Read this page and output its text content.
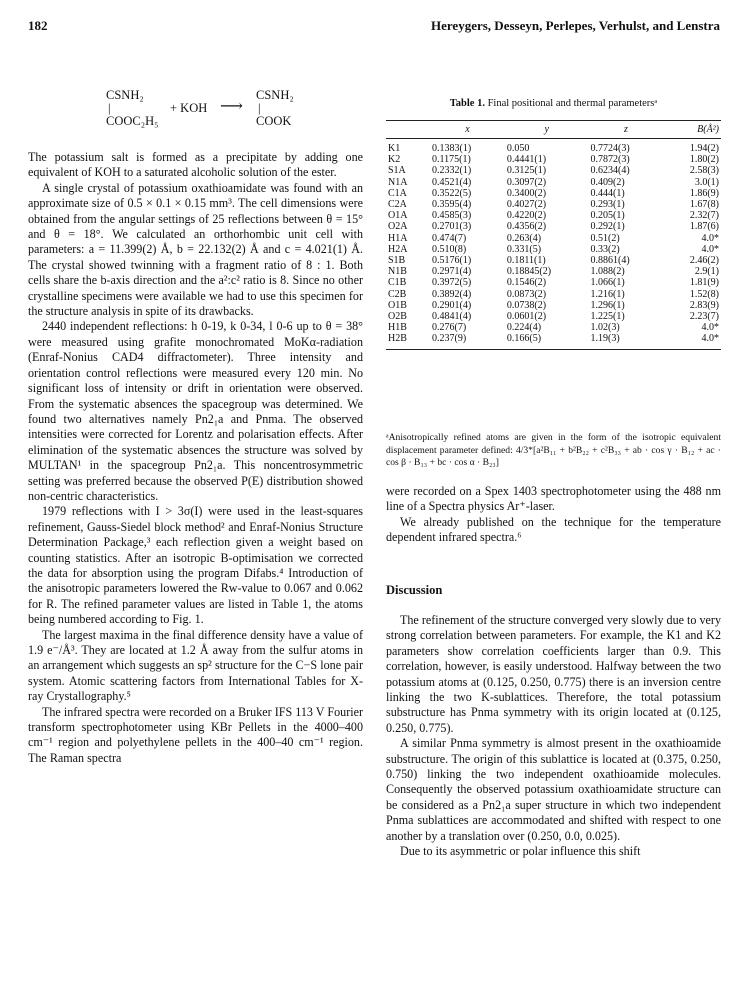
182	Hereygers, Desseyn, Perlepes, Verhulst, and Lenstra
CSNH₂
|
COOC₂H₅
+ KOH ⟶
CSNH₂
|
COOK

The potassium salt is formed as a precipitate by adding one equivalent of KOH to a saturated alcoholic solution of the ester.

A single crystal of potassium oxathioamidate was found with an approximate size of 0.5 × 0.1 × 0.15 mm³. The cell dimensions were obtained from the angular settings of 25 reflections between θ = 15° and θ = 18°. We calculated an orthorhombic unit cell with parameters: a = 11.399(2) Å, b = 22.132(2) Å and c = 4.021(1) Å. The crystal showed twinning with a fragment ratio of 8 : 1. Both cells share the b-axis direction and the a²:c² ratio is 8. Since no other crystalline specimens were available we had to use this specimen for the structure analysis in spite of its drawbacks.

2440 independent reflections: h 0-19, k 0-34, l 0-6 up to θ = 38° were measured using grafite monochromated MoKα-radiation (Enraf-Nonius CAD4 diffractometer). Three intensity and orientation control reflections were measured every 120 min. No significant loss of intensity or drift in orientation were observed. From the systematic absences the spacegroup was determined. We found two alternatives namely Pn2₁a and Pnma. The observed intensities were corrected for Lorentz and polarisation effects. After elimination of the systematic absences the structure was solved by MULTAN¹ in the spacegroup Pn2₁a. This noncentrosymmetric setting was preferred because the observed P(E) distribution showed non-centric characteristics.

1979 reflections with I > 3σ(I) were used in the least-squares refinement, Gauss-Siedel block method² and Enraf-Nonius Structure Determination Package,³ each reflection given a weight based on counting statistics. After an isotropic B-optimisation we corrected the data for absorption using the program Difabs.⁴ Introduction of the anisotropic parameters lowered the Rw-value to 0.067 and 0.062 for R. The refined parameter values are listed in Table 1, the atoms being numbered according to Fig. 1.

The largest maxima in the final difference density have a value of 1.9 e⁻/Å³. They are located at 1.2 Å away from the sulfur atoms in an arrangement which suggests an sp² structure for the C−S lone pair system. Atomic scattering factors from International Tables for X-ray Crystallography.⁵

The infrared spectra were recorded on a Bruker IFS 113 V Fourier transform spectrophotometer using KBr Pellets in the 4000–400 cm⁻¹ region and polyethylene pellets in the 400–40 cm⁻¹ region. The Raman spectra

Table 1. Final positional and thermal parametersᵃ
	x	y	z	B(Å²)
K1	0.1383(1)	0.050	0.7724(3)	1.94(2)
K2	0.1175(1)	0.4441(1)	0.7872(3)	1.80(2)
S1A	0.2332(1)	0.3125(1)	0.6234(4)	2.58(3)
N1A	0.4521(4)	0.3097(2)	0.409(2)	3.0(1)
C1A	0.3522(5)	0.3400(2)	0.444(1)	1.86(9)
C2A	0.3595(4)	0.4027(2)	0.293(1)	1.67(8)
O1A	0.4585(3)	0.4220(2)	0.205(1)	2.32(7)
O2A	0.2701(3)	0.4356(2)	0.292(1)	1.87(6)
H1A	0.474(7)	0.263(4)	0.51(2)	4.0*
H2A	0.510(8)	0.331(5)	0.33(2)	4.0*
S1B	0.5176(1)	0.1811(1)	0.8861(4)	2.46(2)
N1B	0.2971(4)	0.18845(2)	1.088(2)	2.9(1)
C1B	0.3972(5)	0.1546(2)	1.066(1)	1.81(9)
C2B	0.3892(4)	0.0873(2)	1.216(1)	1.52(8)
O1B	0.2901(4)	0.0738(2)	1.296(1)	2.83(9)
O2B	0.4841(4)	0.0601(2)	1.225(1)	2.23(7)
H1B	0.276(7)	0.224(4)	1.02(3)	4.0*
H2B	0.237(9)	0.166(5)	1.19(3)	4.0*
ᵃAnisotropically refined atoms are given in the form of the isotropic equivalent displacement parameter defined: 4/3*[a²B₁₁ + b²B₂₂ + c²B₃₃ + ab · cos γ · B₁₂ + ac · cos β · B₁₃ + bc · cos α · B₂₃]

were recorded on a Spex 1403 spectrophotometer using the 488 nm line of a Spectra physics Ar⁺-laser.

We already published on the technique for the temperature dependent infrared spectra.⁶

Discussion

The refinement of the structure converged very slowly due to very strong correlation between parameters. For example, the K1 and K2 parameters show correlation coefficients larger than 0.9. This correlation, however, is easily understood. Halfway between the two potassium atoms at (0.125, 0.250, 0.775) there is an inversion centre linking the two K-sublattices. Therefore, the total potassium substructure has Pnma symmetry with its origin located at (0.125, 0.250, 0.775).

A similar Pnma symmetry is almost present in the oxathioamide substructure. The origin of this sublattice is located at (0.375, 0.250, 0.750) linking the two independent oxathioamide molecules. Consequently the observed potassium oxathioamidate structure can be considered as a Pn2₁a super structure in which two independent Pnma sublattices are accommodated and shifted with respect to one another by a translation over (0.250, 0.0, 0.025).

Due to its asymmetric or polar influence this shift
